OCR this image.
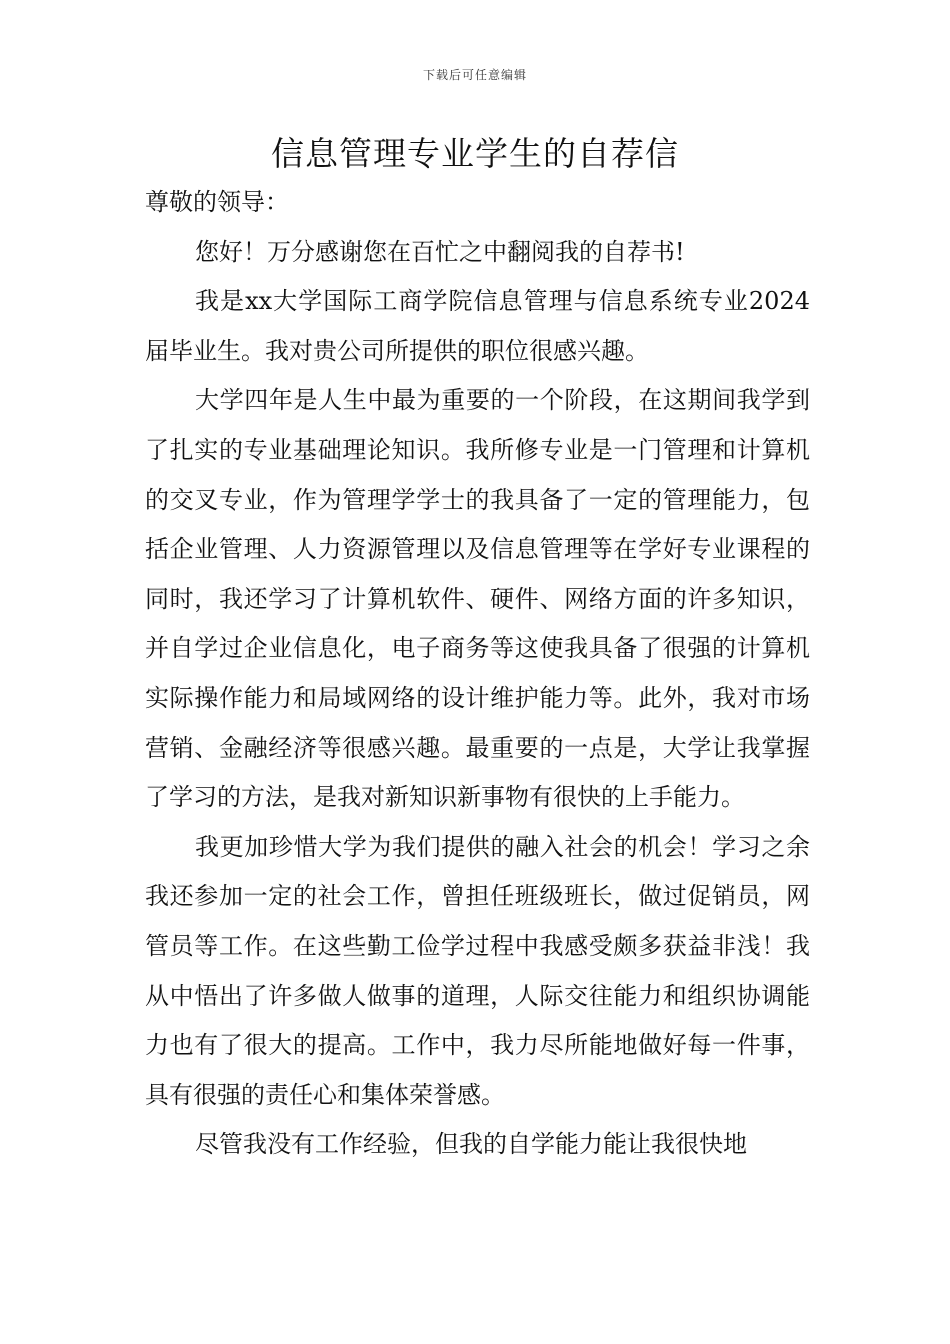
下载后可任意编辑
信息管理专业学生的自荐信

尊敬的领导：

您好！万分感谢您在百忙之中翻阅我的自荐书!

我是xx大学国际工商学院信息管理与信息系统专业2024届毕业生。我对贵公司所提供的职位很感兴趣。

大学四年是人生中最为重要的一个阶段，在这期间我学到了扎实的专业基础理论知识。我所修专业是一门管理和计算机的交叉专业，作为管理学学士的我具备了一定的管理能力，包括企业管理、人力资源管理以及信息管理等在学好专业课程的同时，我还学习了计算机软件、硬件、网络方面的许多知识，并自学过企业信息化，电子商务等这使我具备了很强的计算机实际操作能力和局域网络的设计维护能力等。此外，我对市场营销、金融经济等很感兴趣。最重要的一点是，大学让我掌握了学习的方法，是我对新知识新事物有很快的上手能力。

我更加珍惜大学为我们提供的融入社会的机会！学习之余我还参加一定的社会工作，曾担任班级班长，做过促销员，网管员等工作。在这些勤工俭学过程中我感受颇多获益非浅！我从中悟出了许多做人做事的道理，人际交往能力和组织协调能力也有了很大的提高。工作中，我力尽所能地做好每一件事，具有很强的责任心和集体荣誉感。

尽管我没有工作经验，但我的自学能力能让我很快地
